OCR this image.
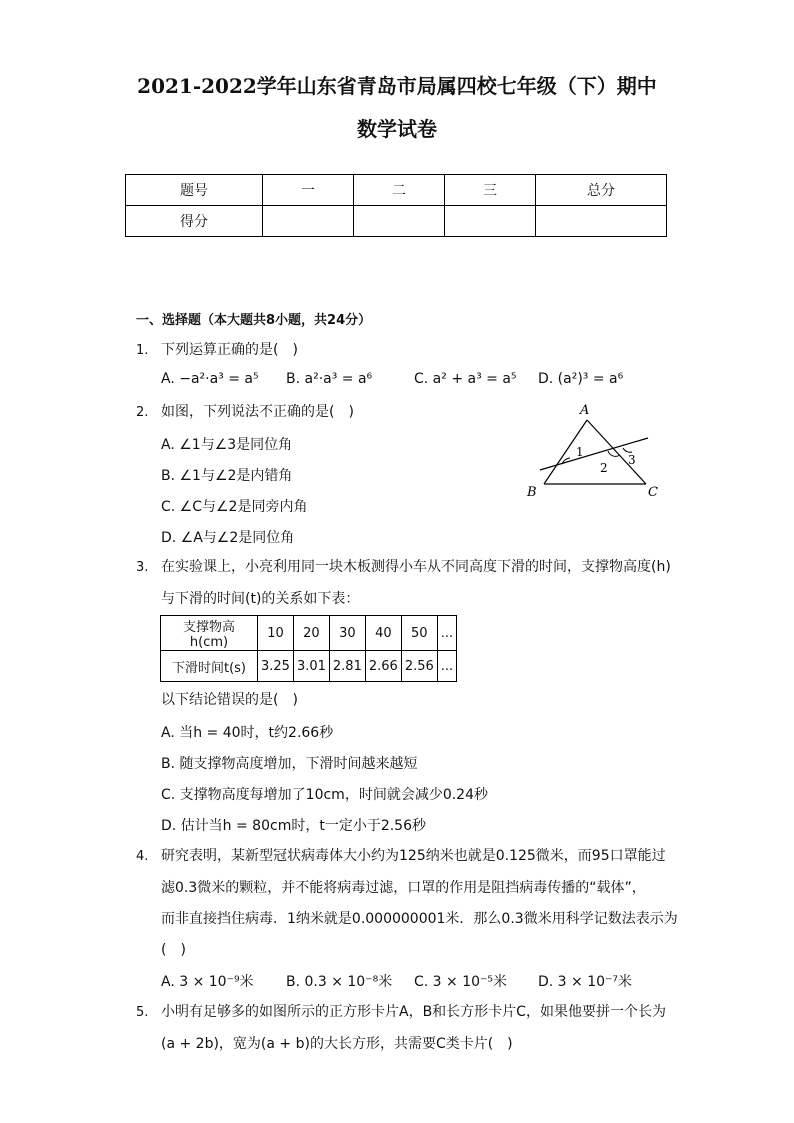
2021-2022学年山东省青岛市局属四校七年级（下）期中
数学试卷
题号	一	二	三	总分
得分				
一、选择题（本大题共8小题，共24分）
1. 下列运算正确的是(　)
A. −a²·a³ = a⁵ B. a²·a³ = a⁶	C. a² + a³ = a⁵ D. (a²)³ = a⁶
2. 如图，下列说法不正确的是(　)
A. ∠1与∠3是同位角
B. ∠1与∠2是内错角
C. ∠C与∠2是同旁内角
D. ∠A与∠2是同位角
A
B	C
1
2
3
3. 在实验课上，小亮利用同一块木板测得小车从不同高度下滑的时间，支撑物高度(h)
与下滑的时间(t)的关系如下表：
支撑物高h(cm)	10	20	30	40	50	...
下滑时间t(s)	3.25	3.01	2.81	2.66	2.56	...
以下结论错误的是(　)
A. 当h = 40时，t约2.66秒
B. 随支撑物高度增加，下滑时间越来越短
C. 支撑物高度每增加了10cm，时间就会减少0.24秒
D. 估计当h = 80cm时，t一定小于2.56秒
4. 研究表明，某新型冠状病毒体大小约为125纳米也就是0.125微米，而95口罩能过
滤0.3微米的颗粒，并不能将病毒过滤，口罩的作用是阻挡病毒传播的“载体”，
而非直接挡住病毒．1纳米就是0.000000001米．那么0.3微米用科学记数法表示为
(　)
A. 3 × 10⁻⁹米 B. 0.3 × 10⁻⁸米 C. 3 × 10⁻⁵米 D. 3 × 10⁻⁷米
5. 小明有足够多的如图所示的正方形卡片A，B和长方形卡片C，如果他要拼一个长为
(a + 2b)，宽为(a + b)的大长方形，共需要C类卡片(　)
